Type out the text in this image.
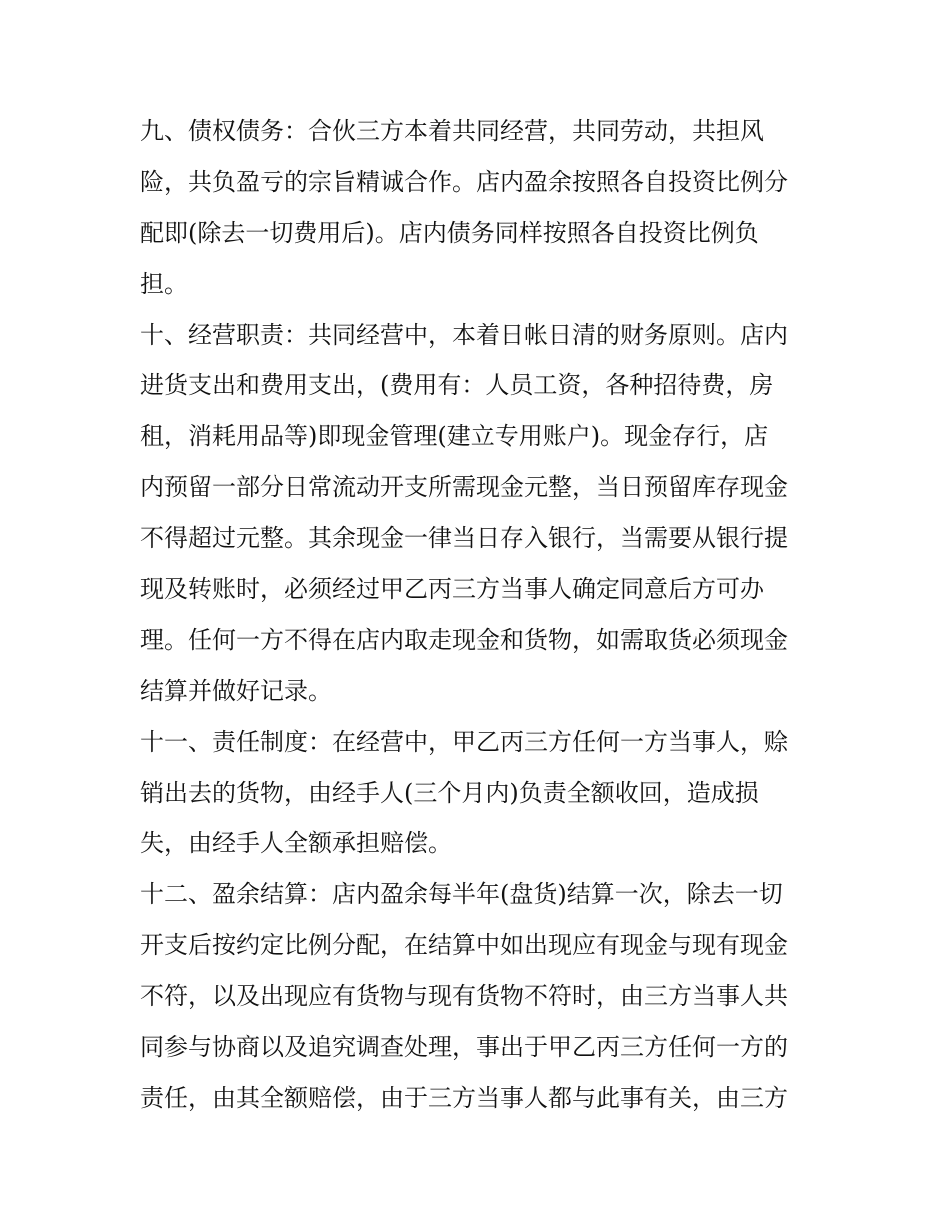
九、债权债务：合伙三方本着共同经营，共同劳动，共担风
险，共负盈亏的宗旨精诚合作。店内盈余按照各自投资比例分
配即(除去一切费用后)。店内债务同样按照各自投资比例负
担。
十、经营职责：共同经营中，本着日帐日清的财务原则。店内
进货支出和费用支出，(费用有：人员工资，各种招待费，房
租，消耗用品等)即现金管理(建立专用账户)。现金存行，店
内预留一部分日常流动开支所需现金元整，当日预留库存现金
不得超过元整。其余现金一律当日存入银行，当需要从银行提
现及转账时，必须经过甲乙丙三方当事人确定同意后方可办
理。任何一方不得在店内取走现金和货物，如需取货必须现金
结算并做好记录。
十一、责任制度：在经营中，甲乙丙三方任何一方当事人，赊
销出去的货物，由经手人(三个月内)负责全额收回，造成损
失，由经手人全额承担赔偿。
十二、盈余结算：店内盈余每半年(盘货)结算一次，除去一切
开支后按约定比例分配，在结算中如出现应有现金与现有现金
不符，以及出现应有货物与现有货物不符时，由三方当事人共
同参与协商以及追究调查处理，事出于甲乙丙三方任何一方的
责任，由其全额赔偿，由于三方当事人都与此事有关，由三方
